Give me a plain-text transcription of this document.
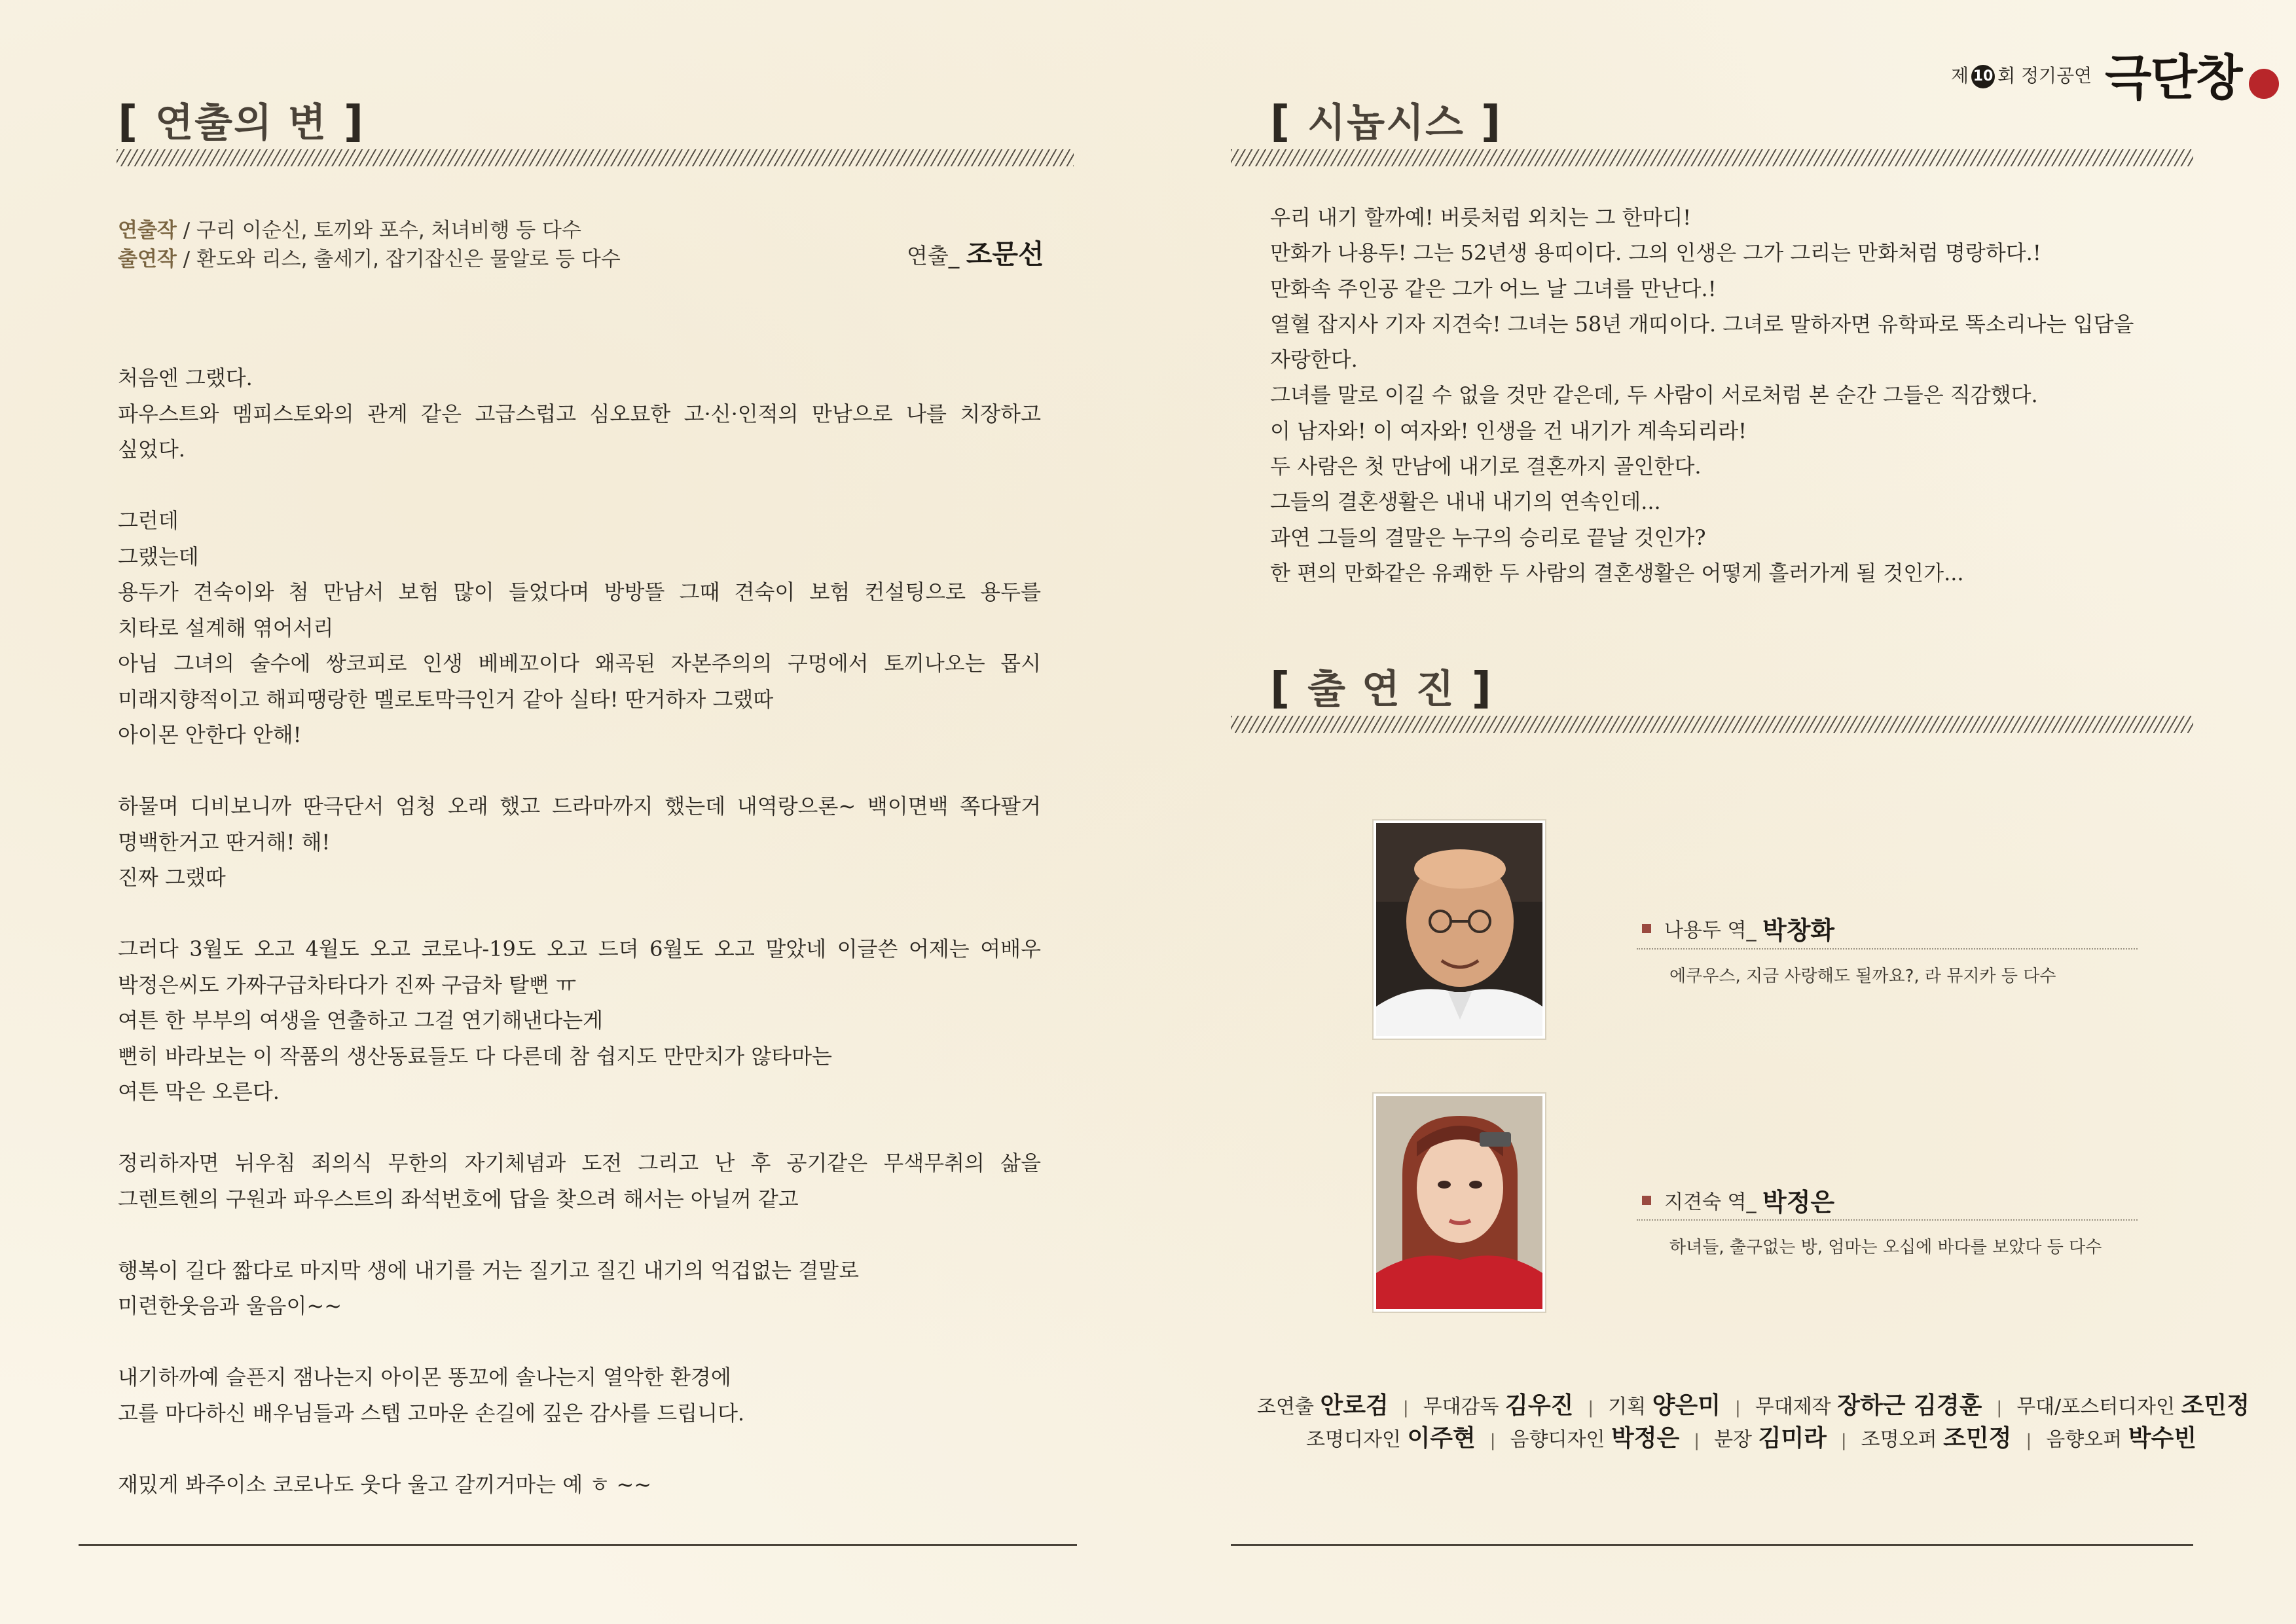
[ 연출의 변 ]
연출작 / 구리 이순신, 토끼와 포수, 처녀비행 등 다수
출연작 / 환도와 리스, 출세기, 잡기잡신은 물알로 등 다수	연출_ 조문선

처음엔 그랬다.
파우스트와 멤피스토와의 관계 같은 고급스럽고 심오묘한 고·신·인적의 만남으로 나를 치장하고
싶었다.

그런데
그랬는데
용두가 견숙이와 첨 만남서 보험 많이 들었다며 방방뜰 그때 견숙이 보험 컨설팅으로 용두를
치타로 설계해 엮어서리
아님 그녀의 술수에 쌍코피로 인생 베베꼬이다 왜곡된 자본주의의 구멍에서 토끼나오는 몹시
미래지향적이고 해피땡랑한 멜로토막극인거 같아 실타! 딴거하자 그랬따
아이몬 안한다 안해!

하물며 디비보니까 딴극단서 엄청 오래 했고 드라마까지 했는데 내역랑으론~ 백이면백 쪽다팔거
명백한거고 딴거해! 해!
진짜 그랬따

그러다 3월도 오고 4월도 오고 코로나-19도 오고 드뎌 6월도 오고 말았네 이글쓴 어제는 여배우
박정은씨도 가짜구급차타다가 진짜 구급차 탈뻔 ㅠ
여튼 한 부부의 여생을 연출하고 그걸 연기해낸다는게
뻔히 바라보는 이 작품의 생산동료들도 다 다른데 참 쉽지도 만만치가 않타마는
여튼 막은 오른다.

정리하자면 뉘우침 죄의식 무한의 자기체념과 도전 그리고 난 후 공기같은 무색무취의 삶을
그렌트헨의 구원과 파우스트의 좌석번호에 답을 찾으려 해서는 아닐꺼 같고

행복이 길다 짧다로 마지막 생에 내기를 거는 질기고 질긴 내기의 억겁없는 결말로
미련한웃음과 울음이~~

내기하까예 슬픈지 잼나는지 아이몬 똥꼬에 솔나는지 열악한 환경에
고를 마다하신 배우님들과 스텝 고마운 손길에 깊은 감사를 드립니다.

재밌게 봐주이소 코로나도 웃다 울고 갈끼거마는 예 ㅎ ~~

제 10 회 정기공연 극단창
[ 시놉시스 ]
우리 내기 할까예! 버릇처럼 외치는 그 한마디!
만화가 나용두! 그는 52년생 용띠이다. 그의 인생은 그가 그리는 만화처럼 명랑하다.!
만화속 주인공 같은 그가 어느 날 그녀를 만난다.!
열혈 잡지사 기자 지견숙! 그녀는 58년 개띠이다. 그녀로 말하자면 유학파로 똑소리나는 입담을
자랑한다.
그녀를 말로 이길 수 없을 것만 같은데, 두 사람이 서로처럼 본 순간 그들은 직감했다.
이 남자와! 이 여자와! 인생을 건 내기가 계속되리라!
두 사람은 첫 만남에 내기로 결혼까지 골인한다.
그들의 결혼생활은 내내 내기의 연속인데...
과연 그들의 결말은 누구의 승리로 끝날 것인가?
한 편의 만화같은 유쾌한 두 사람의 결혼생활은 어떻게 흘러가게 될 것인가...
[ 출 연 진 ]
나용두 역_ 박창화
에쿠우스, 지금 사랑해도 될까요?, 라 뮤지카 등 다수
지견숙 역_ 박정은
하녀들, 출구없는 방, 엄마는 오십에 바다를 보았다 등 다수
조연출 안로검 | 무대감독 김우진 | 기획 양은미 | 무대제작 장하근 김경훈 | 무대/포스터디자인 조민정
조명디자인 이주현 | 음향디자인 박정은 | 분장 김미라 | 조명오퍼 조민정 | 음향오퍼 박수빈
